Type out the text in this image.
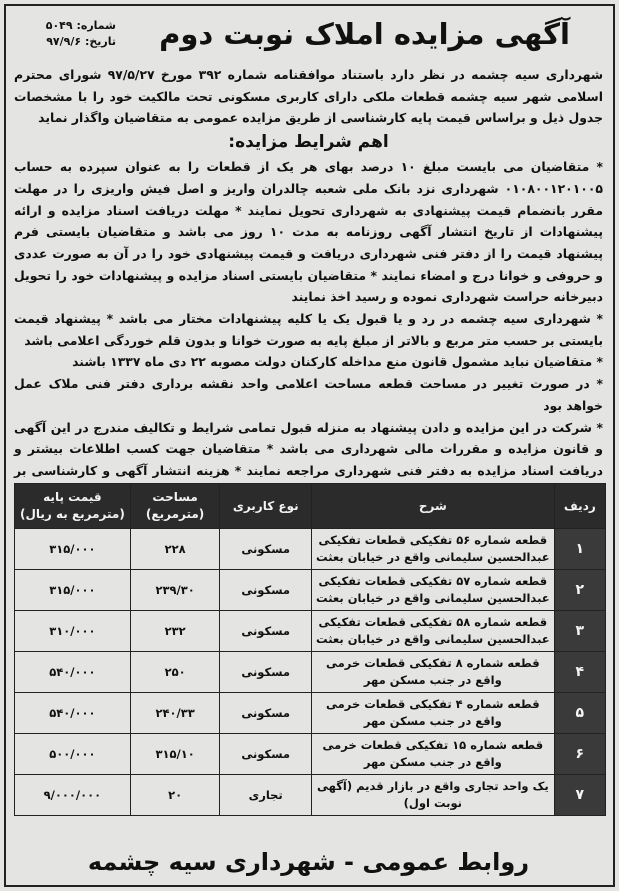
آگهی مزایده املاک نوبت دوم
شماره: ۵۰۴۹
تاریخ: ۹۷/۹/۶

شهرداری سیه چشمه در نظر دارد باستناد موافقنامه شماره ۳۹۲ مورخ ۹۷/۵/۲۷ شورای محترم اسلامی شهر سیه چشمه قطعات ملکی دارای کاربری مسکونی تحت مالکیت خود را با مشخصات جدول ذیل و براساس قیمت پایه کارشناسی از طریق مزایده عمومی به متقاضیان واگذار نماید

اهم شرایط مزایده:

* متقاضیان می بایست مبلغ ۱۰ درصد بهای هر یک از قطعات را به عنوان سپرده به حساب ۰۱۰۸۰۰۱۲۰۱۰۰۵ شهرداری نزد بانک ملی شعبه چالدران واریز و اصل فیش واریزی را در مهلت مقرر بانضمام قیمت پیشنهادی به شهرداری تحویل نمایند * مهلت دریافت اسناد مزایده و ارائه پیشنهادات از تاریخ انتشار آگهی روزنامه به مدت ۱۰ روز می باشد و متقاضیان بایستی فرم پیشنهاد قیمت را از دفتر فنی شهرداری دریافت و قیمت پیشنهادی خود را در آن به صورت عددی و حروفی و خوانا درج و امضاء نمایند * متقاضیان بایستی اسناد مزایده و پیشنهادات خود را تحویل دبیرخانه حراست شهرداری نموده و رسید اخذ نمایند

* شهرداری سیه چشمه در رد و یا قبول یک یا کلیه پیشنهادات مختار می باشد * پیشنهاد قیمت بایستی بر حسب متر مربع و بالاتر از مبلغ پایه به صورت خوانا و بدون قلم خوردگی اعلامی باشد

* متقاضیان نباید مشمول قانون منع مداخله کارکنان دولت مصوبه ۲۲ دی ماه ۱۳۳۷ باشند

* در صورت تغییر در مساحت قطعه مساحت اعلامی واحد نقشه برداری دفتر فنی ملاک عمل خواهد بود

* شرکت در این مزایده و دادن پیشنهاد به منزله قبول تمامی شرایط و تکالیف مندرج در این آگهی و قانون مزایده و مقررات مالی شهرداری می باشد * متقاضیان جهت کسب اطلاعات بیشتر و دریافت اسناد مزایده به دفتر فنی شهرداری مراجعه نمایند * هزینه انتشار آگهی و کارشناسی بر

ردیف	شرح	نوع کاربری	مساحت (مترمربع)	قیمت پایه (مترمربع به ریال)
۱	قطعه شماره ۵۶ تفکیکی قطعات تفکیکی عبدالحسین سلیمانی واقع در خیابان بعثت	مسکونی	۲۲۸	۳۱۵/۰۰۰
۲	قطعه شماره ۵۷ تفکیکی قطعات تفکیکی عبدالحسین سلیمانی واقع در خیابان بعثت	مسکونی	۲۳۹/۳۰	۳۱۵/۰۰۰
۳	قطعه شماره ۵۸ تفکیکی قطعات تفکیکی عبدالحسین سلیمانی واقع در خیابان بعثت	مسکونی	۲۳۲	۳۱۰/۰۰۰
۴	قطعه شماره ۸ تفکیکی قطعات خرمی واقع در جنب مسکن مهر	مسکونی	۲۵۰	۵۴۰/۰۰۰
۵	قطعه شماره ۴ تفکیکی قطعات خرمی واقع در جنب مسکن مهر	مسکونی	۲۴۰/۳۳	۵۴۰/۰۰۰
۶	قطعه شماره ۱۵ تفکیکی قطعات خرمی واقع در جنب مسکن مهر	مسکونی	۳۱۵/۱۰	۵۰۰/۰۰۰
۷	یک واحد تجاری واقع در بازار قدیم (آگهی نوبت اول)	تجاری	۲۰	۹/۰۰۰/۰۰۰
روابط عمومی - شهرداری سیه چشمه
